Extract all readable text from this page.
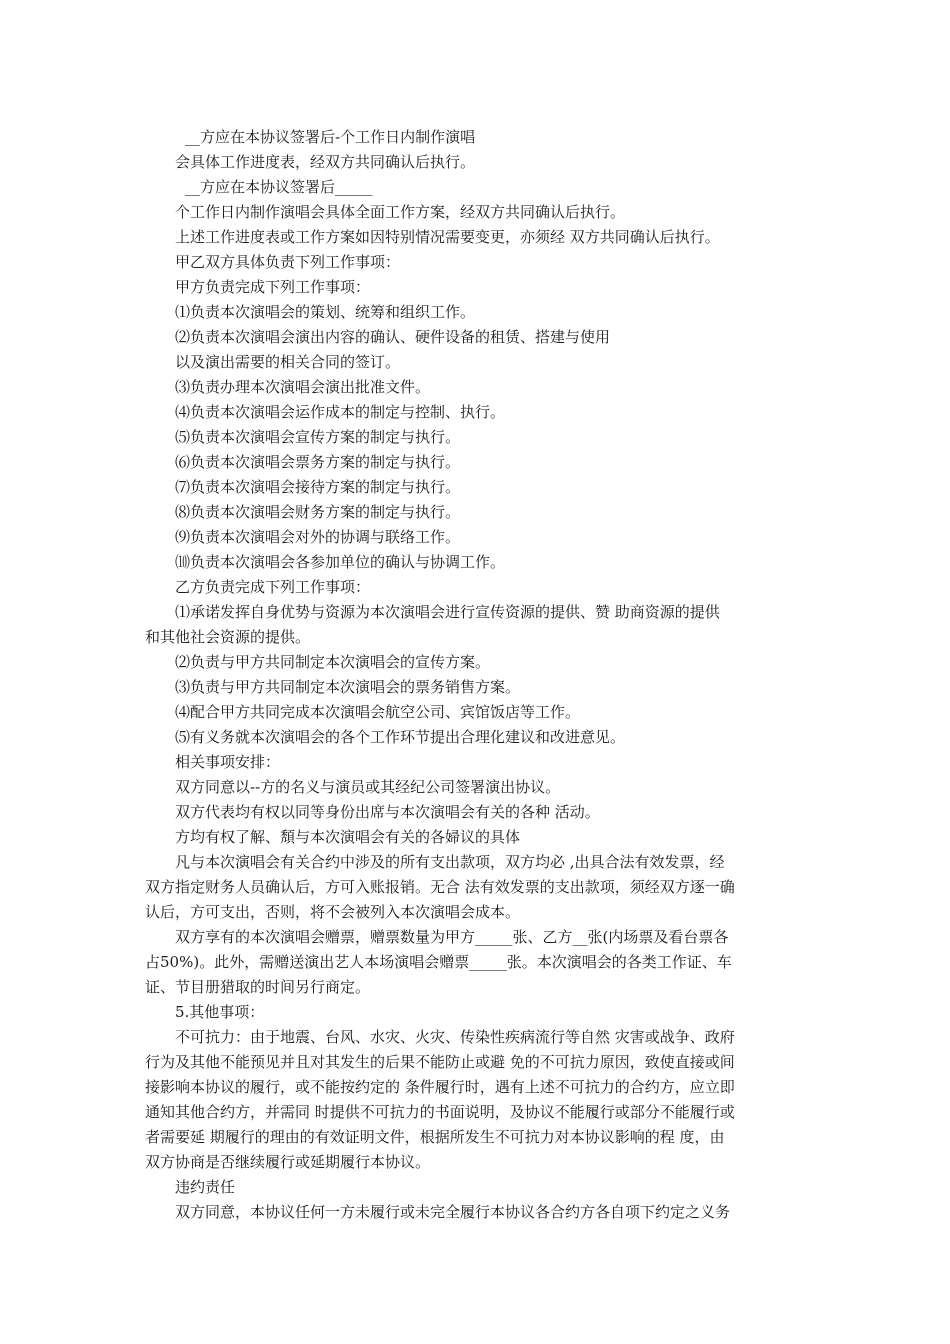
__方应在本协议签署后-个工作日内制作演唱
会具体工作进度表，经双方共同确认后执行。
__方应在本协议签署后_____
个工作日内制作演唱会具体全面工作方案，经双方共同确认后执行。
上述工作进度表或工作方案如因特别情况需要变更，亦须经 双方共同确认后执行。
甲乙双方具体负责下列工作事项：
甲方负责完成下列工作事项：
⑴负责本次演唱会的策划、统筹和组织工作。
⑵负责本次演唱会演出内容的确认、硬件设备的租赁、搭建与使用
以及演出需要的相关合同的签订。
⑶负责办理本次演唱会演出批准文件。
⑷负责本次演唱会运作成本的制定与控制、执行。
⑸负责本次演唱会宣传方案的制定与执行。
⑹负责本次演唱会票务方案的制定与执行。
⑺负责本次演唱会接待方案的制定与执行。
⑻负责本次演唱会财务方案的制定与执行。
⑼负责本次演唱会对外的协调与联络工作。
⑽负责本次演唱会各参加单位的确认与协调工作。
乙方负责完成下列工作事项：
⑴承诺发挥自身优势与资源为本次演唱会进行宣传资源的提供、赞 助商资源的提供
和其他社会资源的提供。
⑵负责与甲方共同制定本次演唱会的宣传方案。
⑶负责与甲方共同制定本次演唱会的票务销售方案。
⑷配合甲方共同完成本次演唱会航空公司、宾馆饭店等工作。
⑸有义务就本次演唱会的各个工作环节提出合理化建议和改进意见。
相关事项安排：
双方同意以--方的名义与演员或其经纪公司签署演出协议。
双方代表均有权以同等身份出席与本次演唱会有关的各种 活动。
方均有权了解、頽与本次演唱会有关的各婦议的具体
凡与本次演唱会有关合约中涉及的所有支出款项，双方均必 ,出具合法有效发票，经
双方指定财务人员确认后，方可入账报销。无合 法有效发票的支出款项，须经双方逐一确
认后，方可支出，否则，将不会被列入本次演唱会成本。
双方享有的本次演唱会赠票，赠票数量为甲方_____张、乙方__张(内场票及看台票各
占50%)。此外，需赠送演出艺人本场演唱会赠票_____张。本次演唱会的各类工作证、车
证、节目册猎取的时间另行商定。
5.其他事项：
不可抗力：由于地震、台风、水灾、火灾、传染性疾病流行等自然 灾害或战争、政府
行为及其他不能预见并且对其发生的后果不能防止或避 免的不可抗力原因，致使直接或间
接影响本协议的履行，或不能按约定的 条件履行时，遇有上述不可抗力的合约方，应立即
通知其他合约方，并需同 时提供不可抗力的书面说明，及协议不能履行或部分不能履行或
者需要延 期履行的理由的有效证明文件，根据所发生不可抗力对本协议影响的程 度，由
双方协商是否继续履行或延期履行本协议。
违约责任
双方同意，本协议任何一方未履行或未完全履行本协议各合约方各自项下约定之义务
